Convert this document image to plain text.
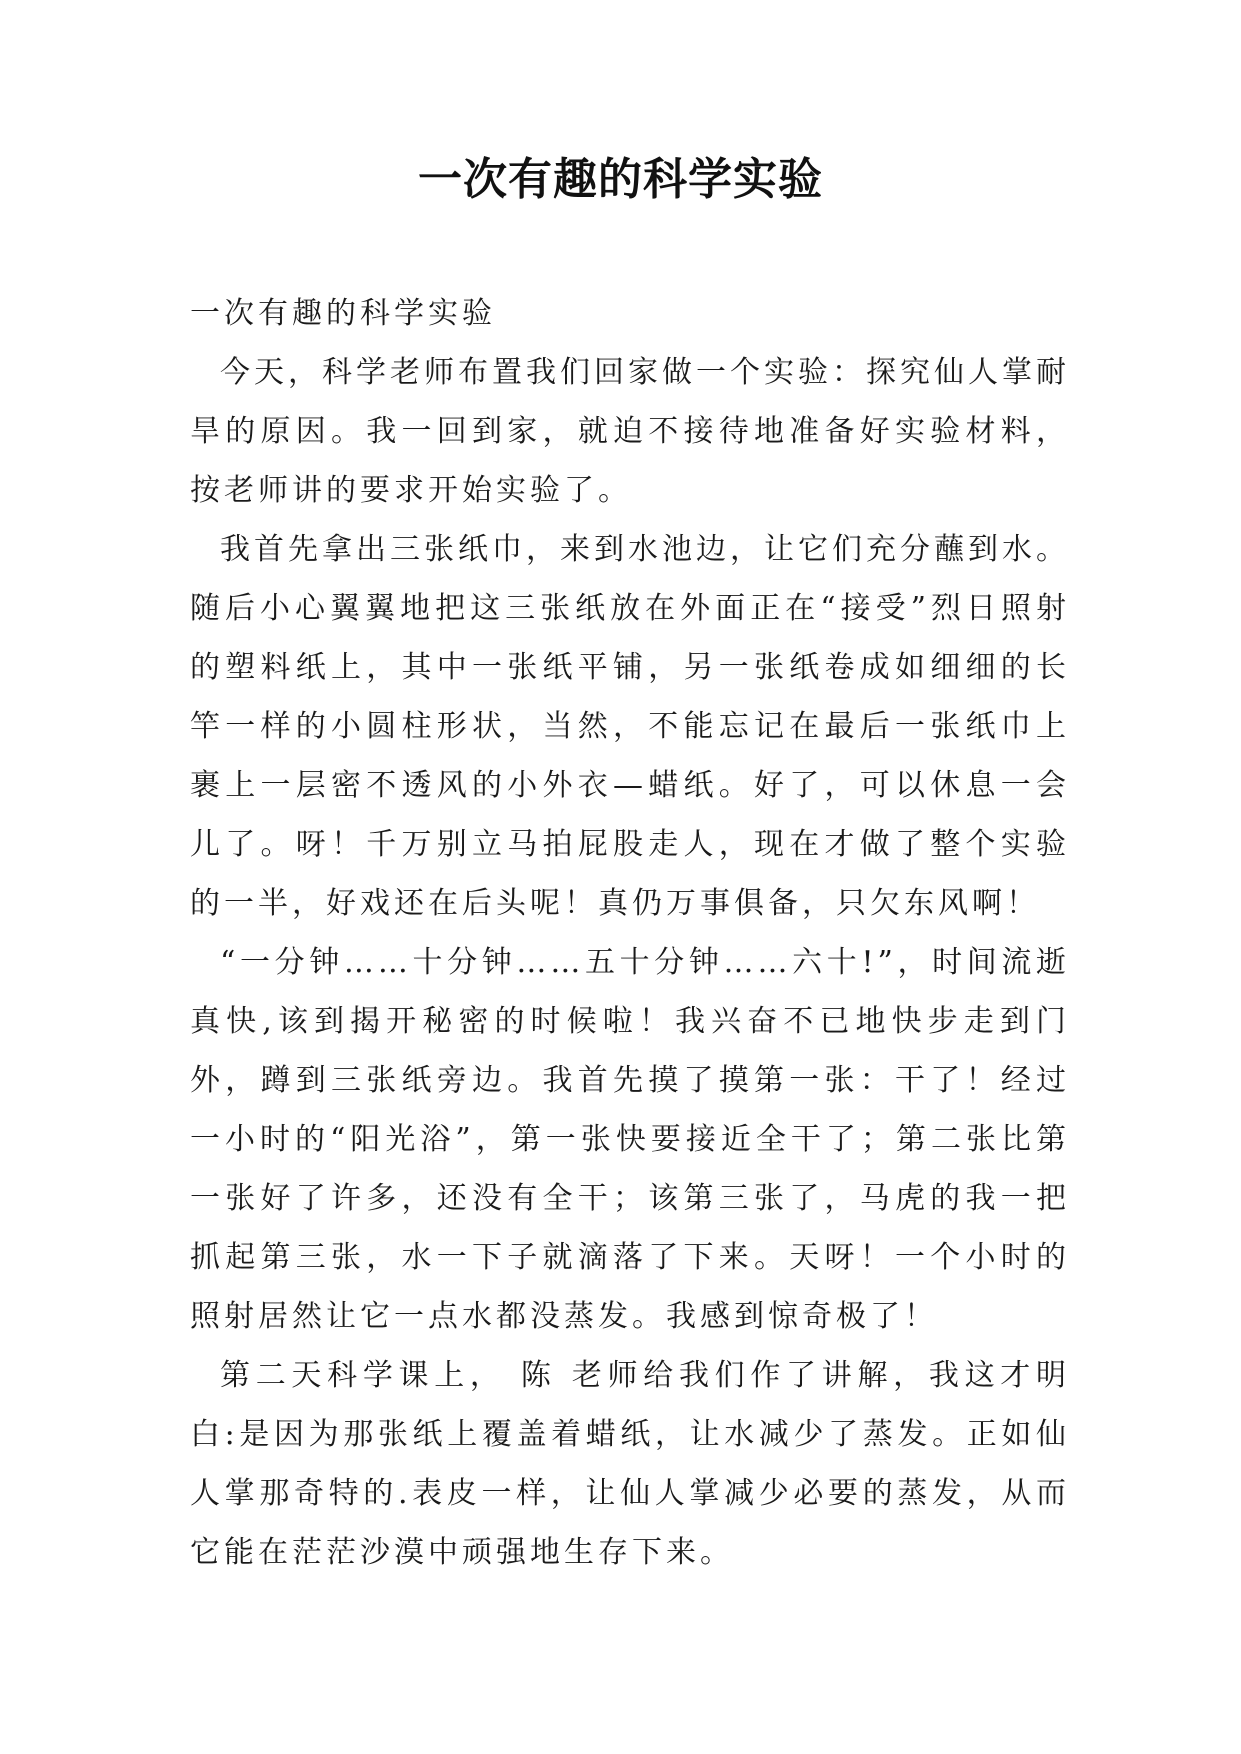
一次有趣的科学实验

一次有趣的科学实验

今天，科学老师布置我们回家做一个实验：探究仙人掌耐旱的原因。我一回到家，就迫不接待地准备好实验材料，按老师讲的要求开始实验了。

我首先拿出三张纸巾，来到水池边，让它们充分蘸到水。随后小心翼翼地把这三张纸放在外面正在“接受”烈日照射的塑料纸上，其中一张纸平铺，另一张纸卷成如细细的长竿一样的小圆柱形状，当然，不能忘记在最后一张纸巾上裹上一层密不透风的小外衣—蜡纸。好了，可以休息一会儿了。呀！千万别立马拍屁股走人，现在才做了整个实验的一半，好戏还在后头呢！真仍万事俱备，只欠东风啊！

“一分钟……十分钟……五十分钟……六十!”，时间流逝真快,该到揭开秘密的时候啦！我兴奋不已地快步走到门外，蹲到三张纸旁边。我首先摸了摸第一张：干了！经过一小时的“阳光浴”，第一张快要接近全干了；第二张比第一张好了许多，还没有全干；该第三张了，马虎的我一把抓起第三张，水一下子就滴落了下来。天呀！一个小时的照射居然让它一点水都没蒸发。我感到惊奇极了！

第二天科学课上， 陈 老师给我们作了讲解，我这才明白:是因为那张纸上覆盖着蜡纸，让水减少了蒸发。正如仙人掌那奇特的.表皮一样，让仙人掌减少必要的蒸发，从而它能在茫茫沙漠中顽强地生存下来。
